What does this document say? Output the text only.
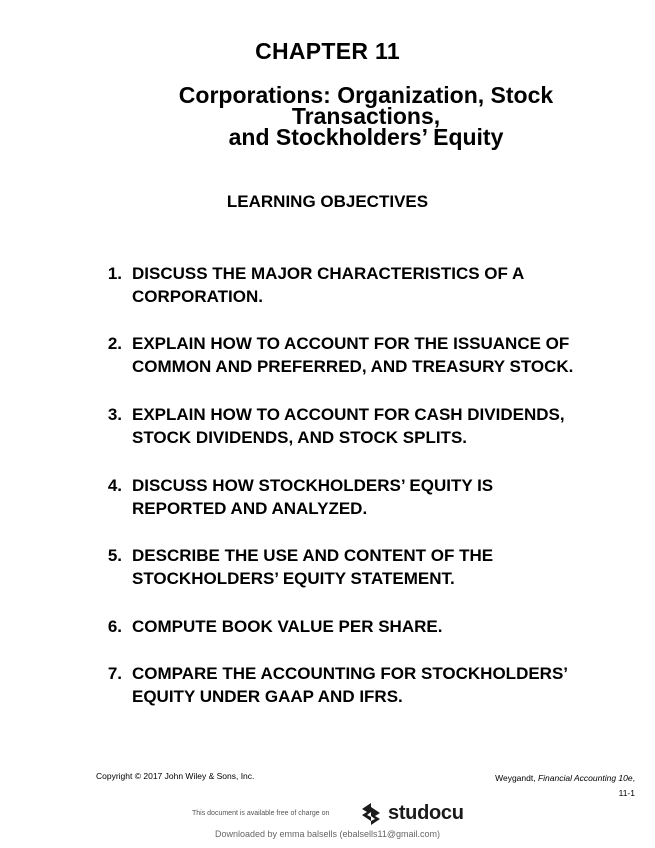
CHAPTER 11
Corporations: Organization, Stock
Transactions,
and Stockholders’ Equity
LEARNING OBJECTIVES
1. DISCUSS THE MAJOR CHARACTERISTICS OF A
CORPORATION.
2. EXPLAIN HOW TO ACCOUNT FOR THE ISSUANCE OF
COMMON AND PREFERRED, AND TREASURY STOCK.
3. EXPLAIN HOW TO ACCOUNT FOR CASH DIVIDENDS,
STOCK DIVIDENDS, AND STOCK SPLITS.
4. DISCUSS HOW STOCKHOLDERS’ EQUITY IS
REPORTED AND ANALYZED.
5. DESCRIBE THE USE AND CONTENT OF THE
STOCKHOLDERS’ EQUITY STATEMENT.
6. COMPUTE BOOK VALUE PER SHARE.
7. COMPARE THE ACCOUNTING FOR STOCKHOLDERS’
EQUITY UNDER GAAP AND IFRS.
Copyright © 2017 John Wiley & Sons, Inc.	Weygandt, Financial Accounting 10e,
11-1
This document is available free of charge on	studocu
Downloaded by emma balsells (ebalsells11@gmail.com)
